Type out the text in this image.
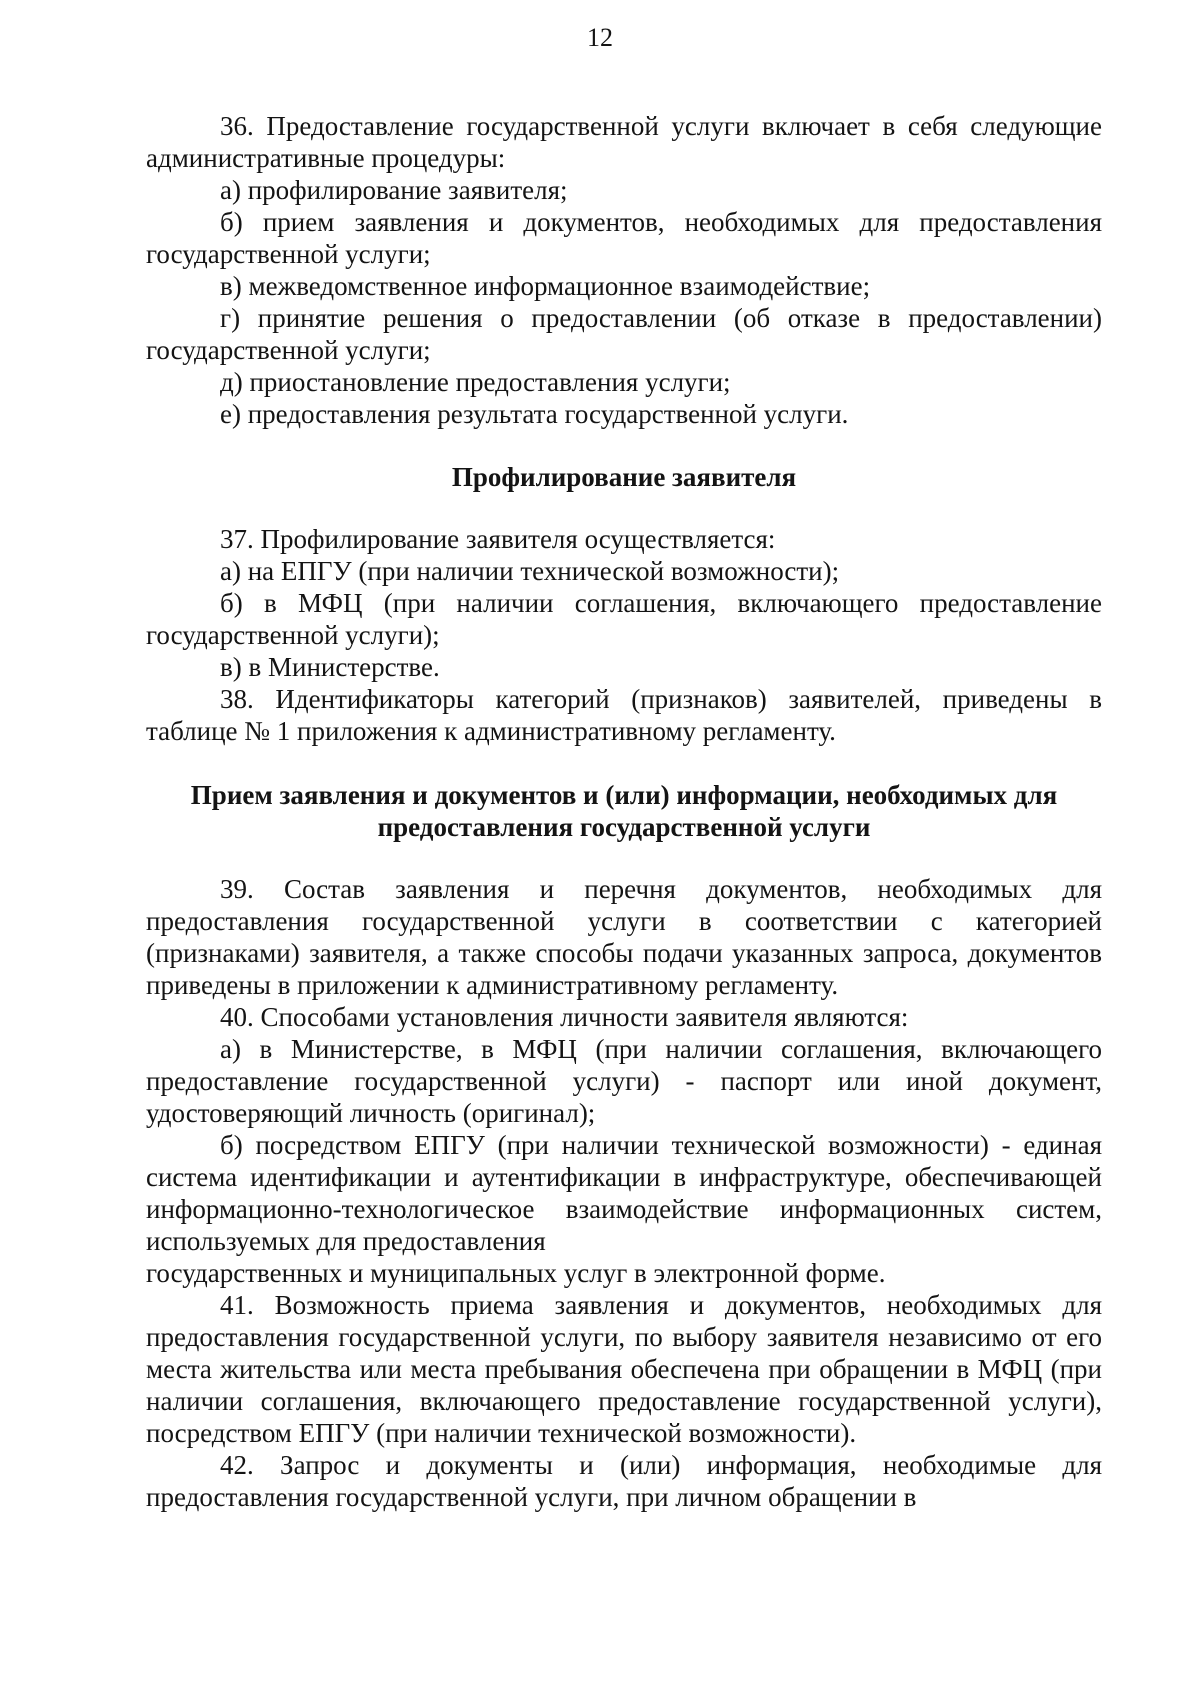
12

36. Предоставление государственной услуги включает в себя следующие административные процедуры:

а) профилирование заявителя;

б) прием заявления и документов, необходимых для предоставления государственной услуги;

в) межведомственное информационное взаимодействие;

г) принятие решения о предоставлении (об отказе в предоставлении) государственной услуги;

д) приостановление предоставления услуги;

е) предоставления результата государственной услуги.

Профилирование заявителя

37. Профилирование заявителя осуществляется:

а) на ЕПГУ (при наличии технической возможности);

б) в МФЦ (при наличии соглашения, включающего предоставление государственной услуги);

в) в Министерстве.

38. Идентификаторы категорий (признаков) заявителей, приведены в таблице № 1 приложения к административному регламенту.

Прием заявления и документов и (или) информации, необходимых для
предоставления государственной услуги

39. Состав заявления и перечня документов, необходимых для предоставления государственной услуги в соответствии с категорией (признаками) заявителя, а также способы подачи указанных запроса, документов приведены в приложении к административному регламенту.

40. Способами установления личности заявителя являются:

а) в Министерстве, в МФЦ (при наличии соглашения, включающего предоставление государственной услуги) - паспорт или иной документ, удостоверяющий личность (оригинал);

б) посредством ЕПГУ (при наличии технической возможности) - единая система идентификации и аутентификации в инфраструктуре, обеспечивающей информационно-технологическое взаимодействие информационных систем, используемых для предоставления

государственных и муниципальных услуг в электронной форме.

41. Возможность приема заявления и документов, необходимых для предоставления государственной услуги, по выбору заявителя независимо от его места жительства или места пребывания обеспечена при обращении в МФЦ (при наличии соглашения, включающего предоставление государственной услуги), посредством ЕПГУ (при наличии технической возможности).

42. Запрос и документы и (или) информация, необходимые для предоставления государственной услуги, при личном обращении в
